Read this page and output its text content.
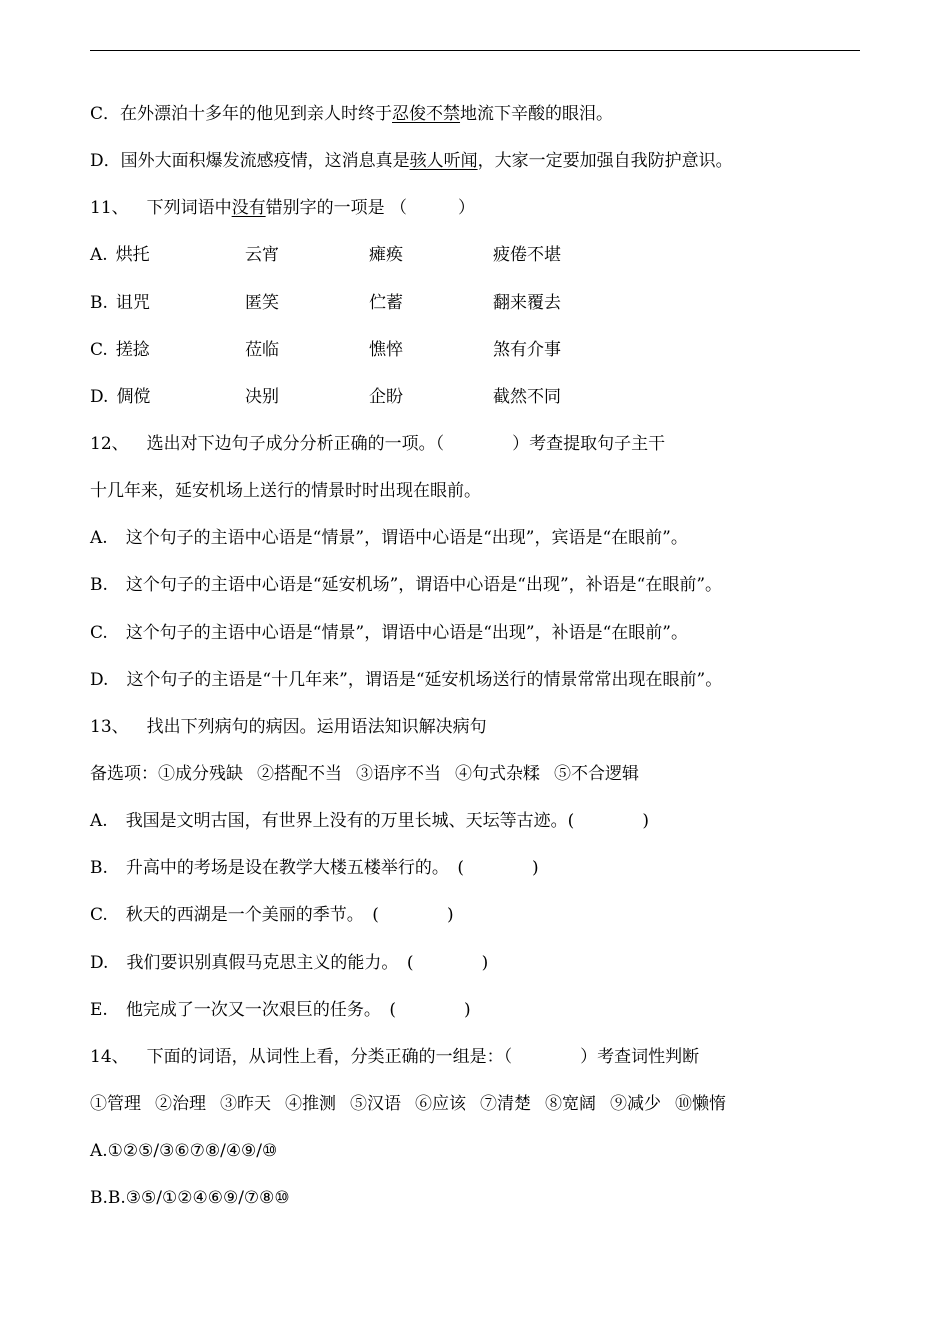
C．在外漂泊十多年的他见到亲人时终于忍俊不禁地流下辛酸的眼泪。
D．国外大面积爆发流感疫情，这消息真是骇人听闻，大家一定要加强自我防护意识。
11、 下列词语中没有错别字的一项是 （　　　）
A. 烘托	云宵	瘫痪	疲倦不堪
B. 诅咒	匿笑	伫蓄	翻来覆去
C. 搓捻	莅临	憔悴	煞有介事
D. 倜傥	决别	企盼	截然不同
12、 选出对下边句子成分分析正确的一项。（　　　　）考查提取句子主干
十几年来，延安机场上送行的情景时时出现在眼前。
A. 这个句子的主语中心语是“情景”，谓语中心语是“出现”，宾语是“在眼前”。
B. 这个句子的主语中心语是“延安机场”，谓语中心语是“出现”，补语是“在眼前”。
C. 这个句子的主语中心语是“情景”，谓语中心语是“出现”，补语是“在眼前”。
D. 这个句子的主语是“十几年来”，谓语是“延安机场送行的情景常常出现在眼前”。
13、 找出下列病句的病因。运用语法知识解决病句
备选项：①成分残缺 ②搭配不当 ③语序不当 ④句式杂糅 ⑤不合逻辑
A. 我国是文明古国，有世界上没有的万里长城、天坛等古迹。(　　　　)
B. 升高中的考场是设在教学大楼五楼举行的。　(　　　　)
C. 秋天的西湖是一个美丽的季节。　(　　　　)
D. 我们要识别真假马克思主义的能力。　(　　　　)
E. 他完成了一次又一次艰巨的任务。　(　　　　)
14、 下面的词语，从词性上看，分类正确的一组是：（　　　　）考查词性判断
①管理 ②治理 ③昨天 ④推测 ⑤汉语 ⑥应该 ⑦清楚 ⑧宽阔 ⑨减少 ⑩懒惰
A.①②⑤/③⑥⑦⑧/④⑨/⑩
B.B.③⑤/①②④⑥⑨/⑦⑧⑩
